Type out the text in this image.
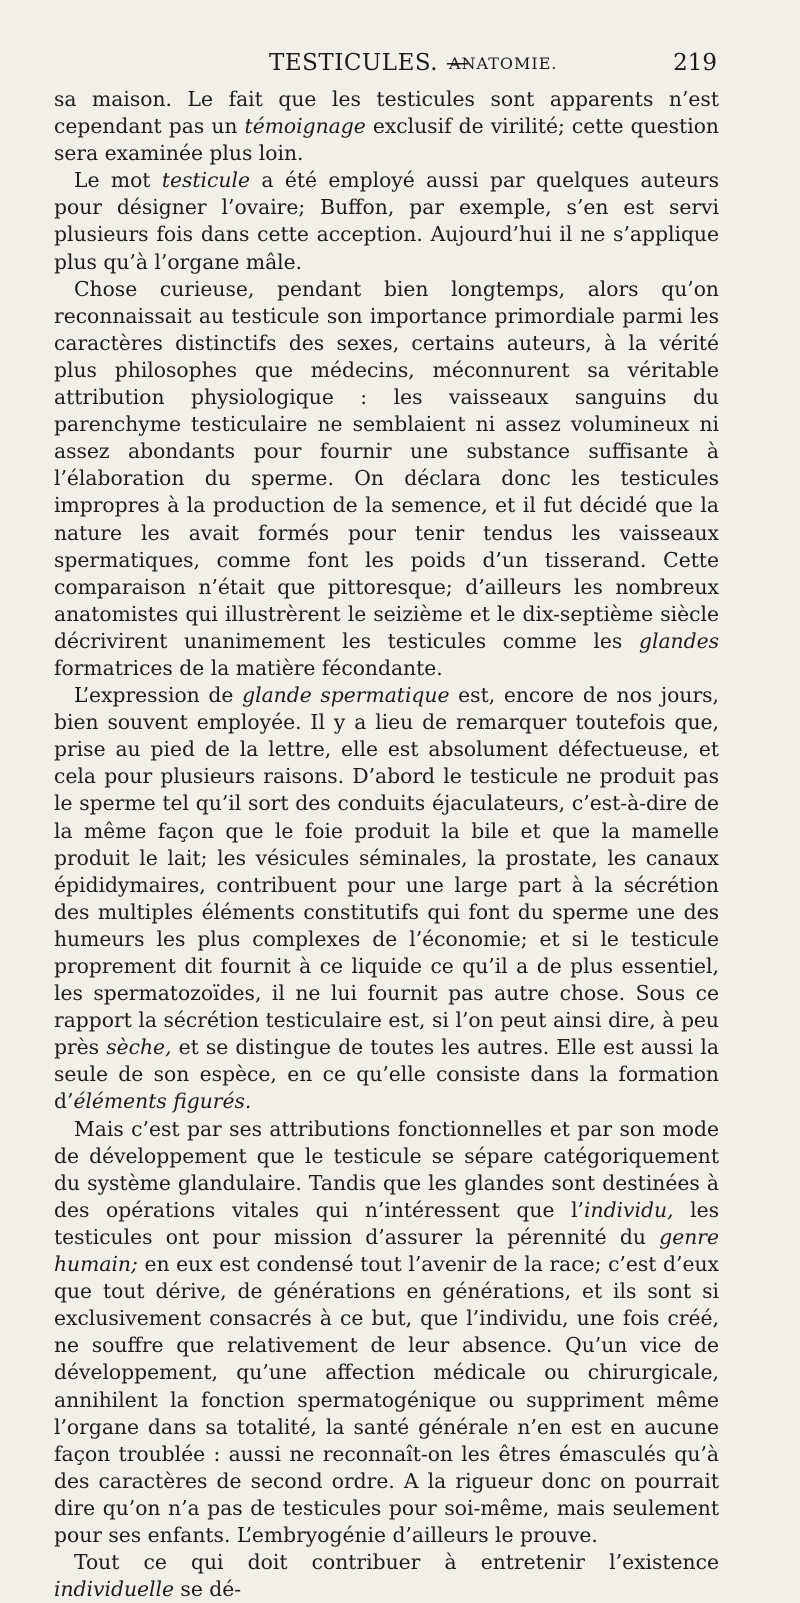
TESTICULES. —
ANATOMIE.	219

sa maison. Le fait que les testicules sont apparents n’est cependant pas un témoignage exclusif de virilité; cette question sera examinée plus loin.

Le mot testicule a été employé aussi par quelques auteurs pour désigner l’ovaire; Buffon, par exemple, s’en est servi plusieurs fois dans cette acception. Aujourd’hui il ne s’applique plus qu’à l’organe mâle.

Chose curieuse, pendant bien longtemps, alors qu’on reconnaissait au testicule son importance primordiale parmi les caractères distinctifs des sexes, certains auteurs, à la vérité plus philosophes que médecins, méconnurent sa véritable attribution physiologique : les vaisseaux sanguins du parenchyme testiculaire ne semblaient ni assez volumineux ni assez abondants pour fournir une substance suffisante à l’élaboration du sperme. On déclara donc les testicules impropres à la production de la semence, et il fut décidé que la nature les avait formés pour tenir tendus les vaisseaux spermatiques, comme font les poids d’un tisserand. Cette comparaison n’était que pittoresque; d’ailleurs les nombreux anatomistes qui illustrèrent le seizième et le dix-septième siècle décrivirent unanimement les testicules comme les glandes formatrices de la matière fécondante.

L’expression de glande spermatique est, encore de nos jours, bien souvent employée. Il y a lieu de remarquer toutefois que, prise au pied de la lettre, elle est absolument défectueuse, et cela pour plusieurs raisons. D’abord le testicule ne produit pas le sperme tel qu’il sort des conduits éjaculateurs, c’est-à-dire de la même façon que le foie produit la bile et que la mamelle produit le lait; les vésicules séminales, la prostate, les canaux épididymaires, contribuent pour une large part à la sécrétion des multiples éléments constitutifs qui font du sperme une des humeurs les plus complexes de l’économie; et si le testicule proprement dit fournit à ce liquide ce qu’il a de plus essentiel, les spermatozoïdes, il ne lui fournit pas autre chose. Sous ce rapport la sécrétion testiculaire est, si l’on peut ainsi dire, à peu près sèche, et se distingue de toutes les autres. Elle est aussi la seule de son espèce, en ce qu’elle consiste dans la formation d’éléments figurés.

Mais c’est par ses attributions fonctionnelles et par son mode de développement que le testicule se sépare catégoriquement du système glandulaire. Tandis que les glandes sont destinées à des opérations vitales qui n’intéressent que l’individu, les testicules ont pour mission d’assurer la pérennité du genre humain; en eux est condensé tout l’avenir de la race; c’est d’eux que tout dérive, de générations en générations, et ils sont si exclusivement consacrés à ce but, que l’individu, une fois créé, ne souffre que relativement de leur absence. Qu’un vice de développement, qu’une affection médicale ou chirurgicale, annihilent la fonction spermatogénique ou suppriment même l’organe dans sa totalité, la santé générale n’en est en aucune façon troublée : aussi ne reconnaît-on les êtres émasculés qu’à des caractères de second ordre. A la rigueur donc on pourrait dire qu’on n’a pas de testicules pour soi-même, mais seulement pour ses enfants. L’embryogénie d’ailleurs le prouve.

Tout ce qui doit contribuer à entretenir l’existence individuelle se dé-
